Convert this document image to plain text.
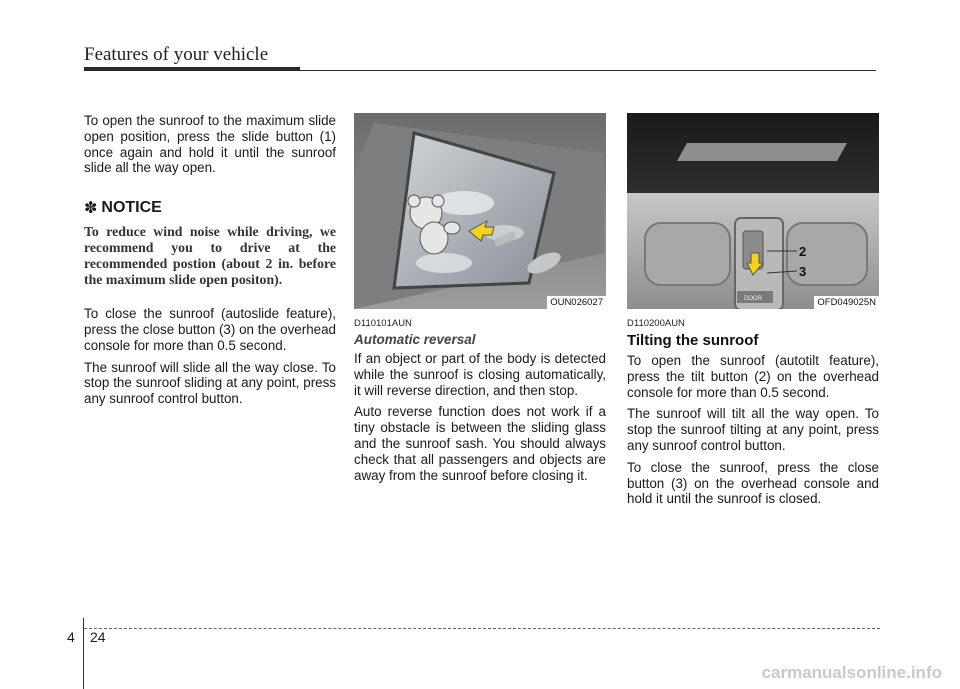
Features of your vehicle

To open the sunroof to the maximum slide open position, press the slide button (1) once again and hold it until the sunroof slide all the way open.

✽ NOTICE

To reduce wind noise while driving, we recommend you to drive at the recommended postion (about 2 in. before the maximum slide open positon).

To close the sunroof (autoslide feature), press the close button (3) on the overhead console for more than 0.5 second.

The sunroof will slide all the way close. To stop the sunroof sliding at any point, press any sunroof control button.

OUN026027
D110101AUN
Automatic reversal

If an object or part of the body is detected while the sunroof is closing automatically, it will reverse direction, and then stop.

Auto reverse function does not work if a tiny obstacle is between the sliding glass and the sunroof sash. You should always check that all passengers and objects are away from the sunroof before closing it.

2
3
DOOR	OFD049025N
D110200AUN
Tilting the sunroof

To open the sunroof (autotilt feature), press the tilt button (2) on the overhead console for more than 0.5 second.

The sunroof will tilt all the way open. To stop the sunroof tilting at any point, press any sunroof control button.

To close the sunroof, press the close button (3) on the overhead console and hold it until the sunroof is closed.

4 24
carmanualsonline.info
